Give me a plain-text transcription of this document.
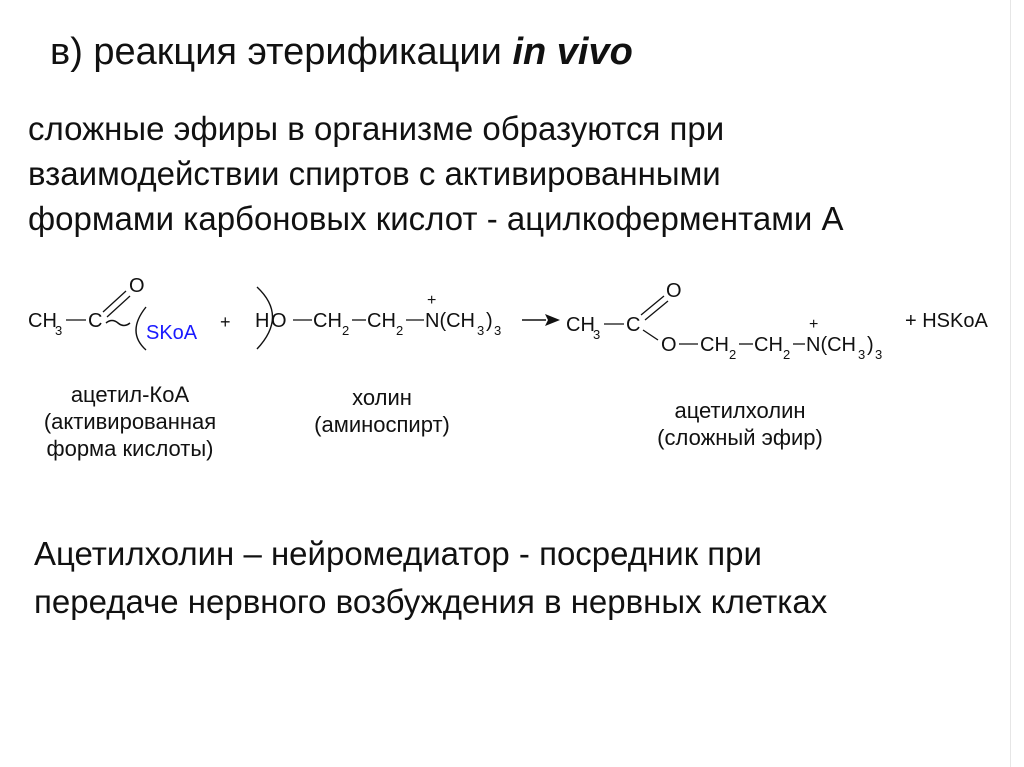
в) реакция этерификации in vivo
сложные эфиры в организме образуются при
взаимодействии спиртов с активированными
формами карбоновых кислот - ацилкоферментами А
CH
3 C
O
SKoA + H O CH 2 CH 2
+
N(CH 3 ) 3	CH
3 C
O
O CH 2 CH 2
+
N(CH 3 ) 3
+ HSKoA
ацетил-КоА
(активированная
форма кислоты)
холин
(аминоспирт)
ацетилхолин
(сложный эфир)
Ацетилхолин – нейромедиатор - посредник при
передаче нервного возбуждения в нервных клетках
